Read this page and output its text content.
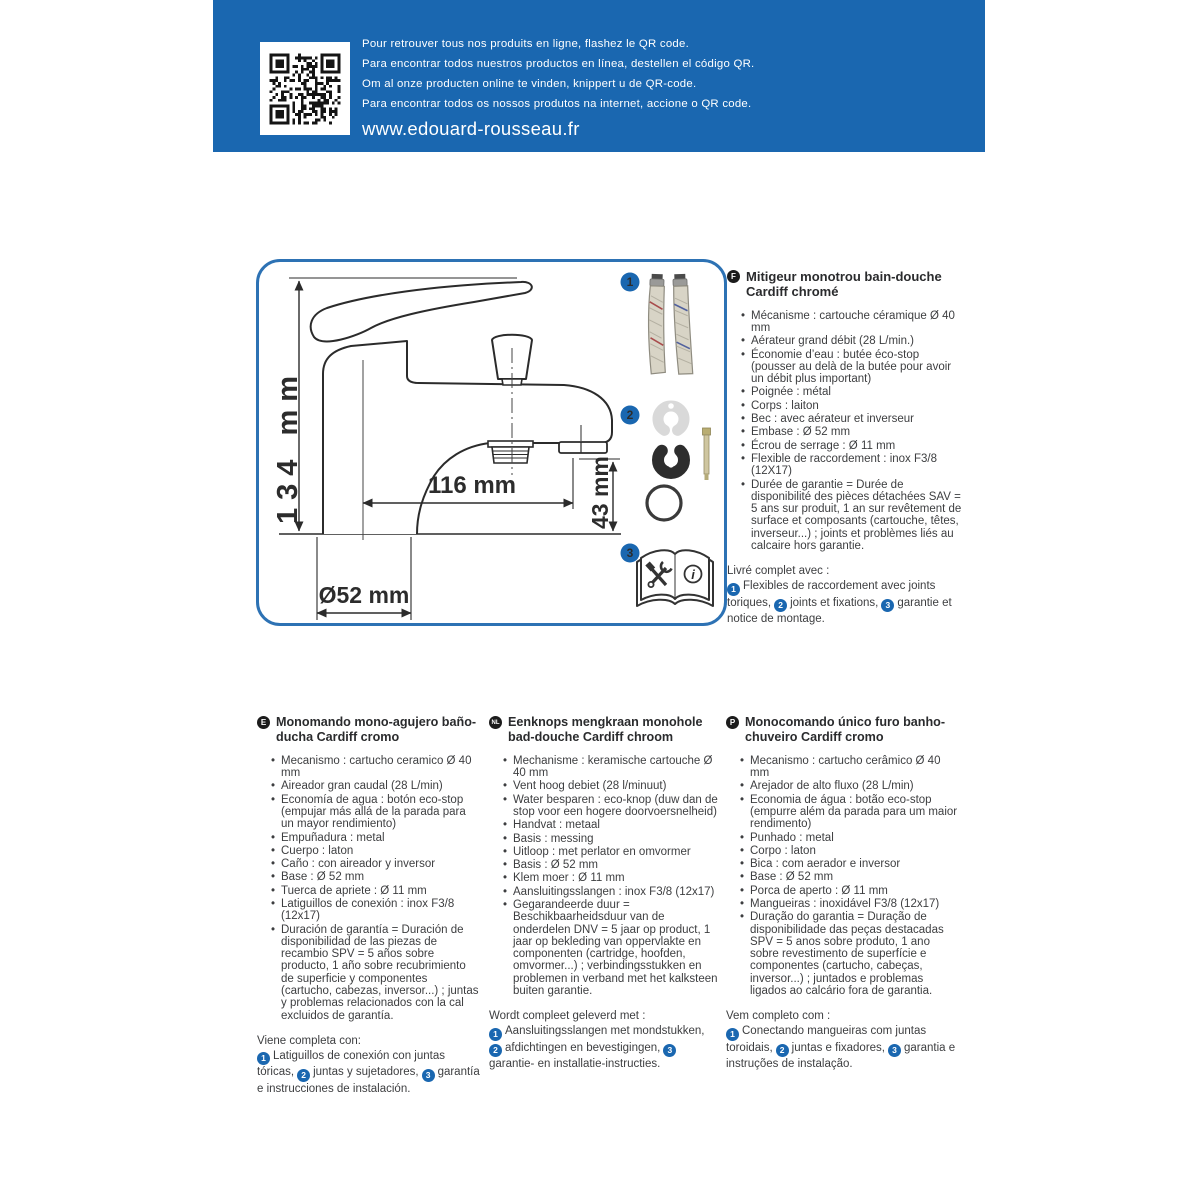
Pour retrouver tous nos produits en ligne, flashez le QR code.

Para encontrar todos nuestros productos en línea, destellen el código QR.

Om al onze producten online te vinden, knippert u de QR-code.

Para encontrar todos os nossos produtos na internet, accione o QR code.

www.edouard-rousseau.fr

134 mm	116 mm	43 mm
Ø52 mm
1
2
3
i
F Mitigeur monotrou bain-douche Cardiff chromé
• Mécanisme : cartouche céramique Ø 40 mm
• Aérateur grand débit (28 L/min.)
• Économie d’eau : butée éco-stop (pousser au delà de la butée pour avoir un débit plus important)
• Poignée : métal
• Corps : laiton
• Bec : avec aérateur et inverseur
• Embase : Ø 52 mm
• Écrou de serrage : Ø 11 mm
• Flexible de raccordement : inox F3/8 (12X17)
• Durée de garantie = Durée de disponibilité des pièces détachées SAV = 5 ans sur produit, 1 an sur revêtement de surface et composants (cartouche, têtes, inverseur...) ; joints et problèmes liés au calcaire hors garantie.

Livré complet avec :

1 Flexibles de raccordement avec joints toriques, 2 joints et fixations, 3 garantie et notice de montage.

E Monomando mono-agujero baño-ducha Cardiff cromo
• Mecanismo : cartucho ceramico Ø 40 mm
• Aireador gran caudal (28 L/min)
• Economía de agua : botón eco-stop (empujar más allá de la parada para un mayor rendimiento)
• Empuñadura : metal
• Cuerpo : laton
• Caño : con aireador y inversor
• Base : Ø 52 mm
• Tuerca de apriete : Ø 11 mm
• Latiguillos de conexión : inox F3/8 (12x17)
• Duración de garantía = Duración de disponibilidad de las piezas de recambio SPV = 5 años sobre producto, 1 año sobre recubrimiento de superficie y componentes (cartucho, cabezas, inversor...) ; juntas y problemas relacionados con la cal excluidos de garantía.

Viene completa con:

1 Latiguillos de conexión con juntas tóricas, 2 juntas y sujetadores, 3 garantía e instrucciones de instalación.

NL Eenknops mengkraan monohole bad-douche Cardiff chroom
• Mechanisme : keramische cartouche Ø 40 mm
• Vent hoog debiet (28 l/minuut)
• Water besparen : eco-knop (duw dan de stop voor een hogere doorvoersnelheid)
• Handvat : metaal
• Basis : messing
• Uitloop : met perlator en omvormer
• Basis : Ø 52 mm
• Klem moer : Ø 11 mm
• Aansluitingsslangen : inox F3/8 (12x17)
• Gegarandeerde duur = Beschikbaarheidsduur van de onderdelen DNV = 5 jaar op product, 1 jaar op bekleding van oppervlakte en componenten (cartridge, hoofden, omvormer...) ; verbindingsstukken en problemen in verband met het kalksteen buiten garantie.

Wordt compleet geleverd met :

1 Aansluitingsslangen met mondstukken,2 afdichtingen en bevestigingen, 3garantie- en installatie-instructies.

P Monocomando único furo banho-chuveiro Cardiff cromo
• Mecanismo : cartucho cerâmico Ø 40 mm
• Arejador de alto fluxo (28 L/min)
• Economia de água : botão eco-stop (empurre além da parada para um maior rendimento)
• Punhado : metal
• Corpo : laton
• Bica : com aerador e inversor
• Base : Ø 52 mm
• Porca de aperto : Ø 11 mm
• Mangueiras : inoxidável F3/8 (12x17)
• Duração do garantia = Duração de disponibilidade das peças destacadas SPV = 5 anos sobre produto, 1 ano sobre revestimento de superfície e componentes (cartucho, cabeças, inversor...) ; juntados e problemas ligados ao calcário fora de garantia.

Vem completo com :

1 Conectando mangueiras com juntas toroidais, 2 juntas e fixadores, 3 garantia e instruções de instalação.
